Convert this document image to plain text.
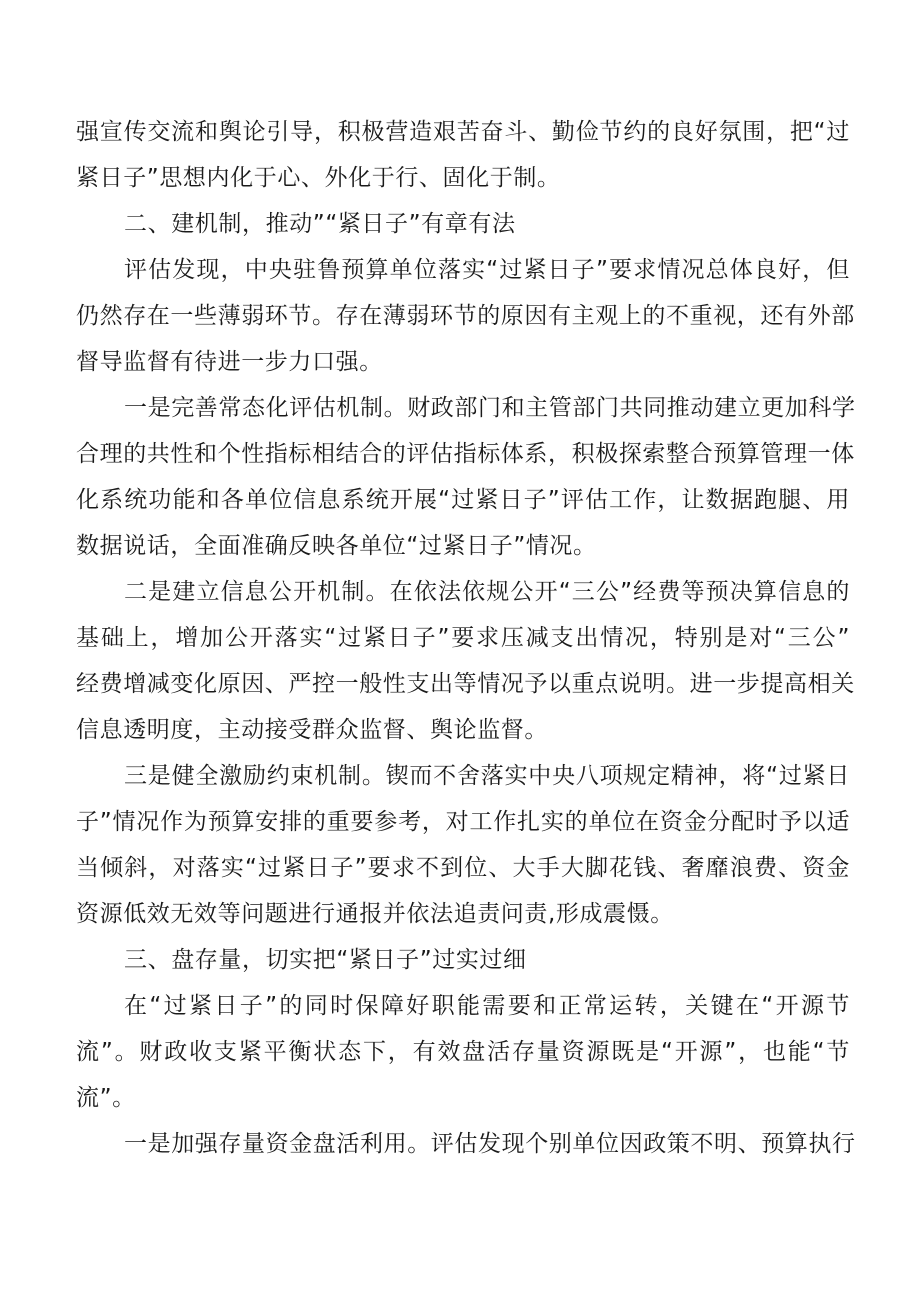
强宣传交流和舆论引导，积极营造艰苦奋斗、勤俭节约的良好氛围，把“过
紧日子”思想内化于心、外化于行、固化于制。
二、建机制，推动”“紧日子”有章有法
评估发现，中央驻鲁预算单位落实“过紧日子”要求情况总体良好，但
仍然存在一些薄弱环节。存在薄弱环节的原因有主观上的不重视，还有外部
督导监督有待进一步力口强。
一是完善常态化评估机制。财政部门和主管部门共同推动建立更加科学
合理的共性和个性指标相结合的评估指标体系，积极探索整合预算管理一体
化系统功能和各单位信息系统开展“过紧日子”评估工作，让数据跑腿、用
数据说话，全面准确反映各单位“过紧日子”情况。
二是建立信息公开机制。在依法依规公开“三公”经费等预决算信息的
基础上，增加公开落实“过紧日子”要求压减支出情况，特别是对“三公”
经费增减变化原因、严控一般性支出等情况予以重点说明。进一步提高相关
信息透明度，主动接受群众监督、舆论监督。
三是健全激励约束机制。锲而不舍落实中央八项规定精神，将“过紧日
子”情况作为预算安排的重要参考，对工作扎实的单位在资金分配时予以适
当倾斜，对落实“过紧日子”要求不到位、大手大脚花钱、奢靡浪费、资金
资源低效无效等问题进行通报并依法追责问责,形成震慑。
三、盘存量，切实把“紧日子”过实过细
在“过紧日子”的同时保障好职能需要和正常运转，关键在“开源节
流”。财政收支紧平衡状态下，有效盘活存量资源既是“开源”，也能“节
流”。
一是加强存量资金盘活利用。评估发现个别单位因政策不明、预算执行
